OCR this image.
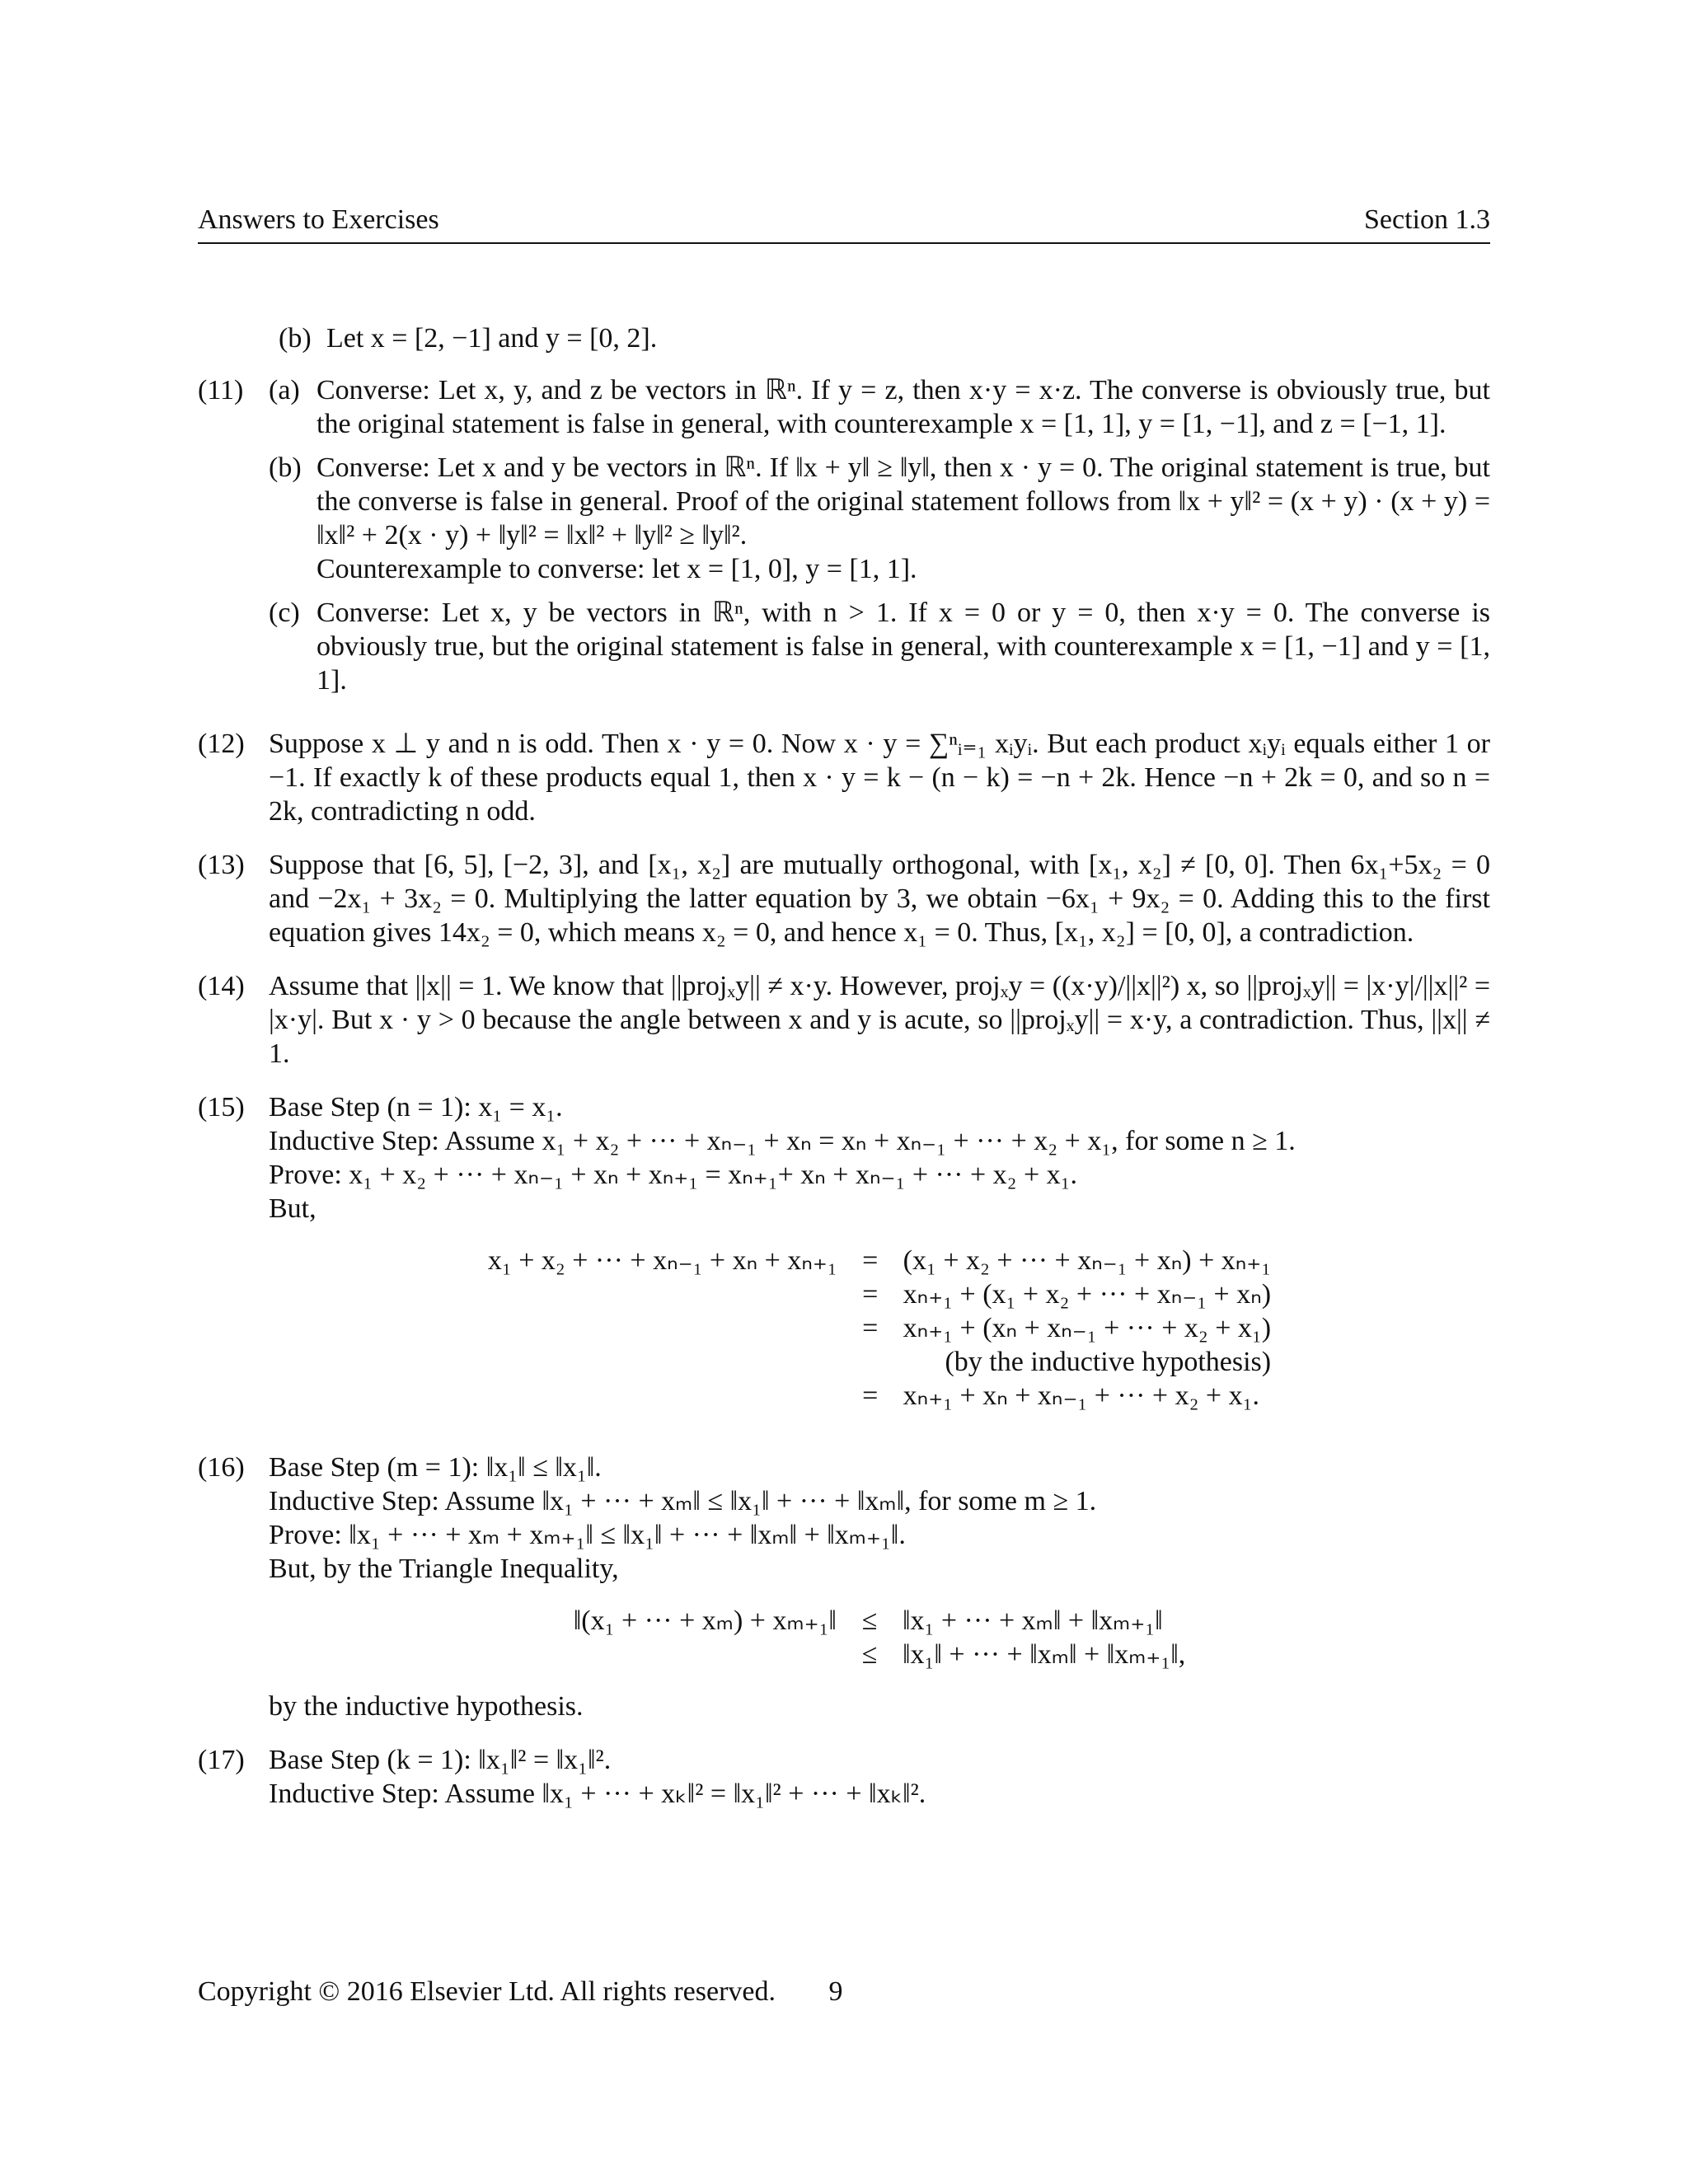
Answers to Exercises	Section 1.3
(b) Let x = [2, −1] and y = [0, 2].
(11) (a) Converse: Let x, y, and z be vectors in ℝⁿ. If y = z, then x·y = x·z. The converse is obviously true, but the original statement is false in general, with counterexample x = [1, 1], y = [1, −1], and z = [−1, 1].
(b) Converse: Let x and y be vectors in ℝⁿ. If ‖x + y‖ ≥ ‖y‖, then x · y = 0. The original statement is true, but the converse is false in general. Proof of the original statement follows from ‖x + y‖² = (x + y) · (x + y) = ‖x‖² + 2(x · y) + ‖y‖² = ‖x‖² + ‖y‖² ≥ ‖y‖².
Counterexample to converse: let x = [1, 0], y = [1, 1].
(c) Converse: Let x, y be vectors in ℝⁿ, with n > 1. If x = 0 or y = 0, then x·y = 0. The converse is obviously true, but the original statement is false in general, with counterexample x = [1, −1] and y = [1, 1].
(12) Suppose x ⊥ y and n is odd. Then x · y = 0. Now x · y = ∑ⁿᵢ₌₁ xᵢyᵢ. But each product xᵢyᵢ equals either 1 or −1. If exactly k of these products equal 1, then x · y = k − (n − k) = −n + 2k. Hence −n + 2k = 0, and so n = 2k, contradicting n odd.
(13) Suppose that [6, 5], [−2, 3], and [x₁, x₂] are mutually orthogonal, with [x₁, x₂] ≠ [0, 0]. Then 6x₁+5x₂ = 0 and −2x₁ + 3x₂ = 0. Multiplying the latter equation by 3, we obtain −6x₁ + 9x₂ = 0. Adding this to the first equation gives 14x₂ = 0, which means x₂ = 0, and hence x₁ = 0. Thus, [x₁, x₂] = [0, 0], a contradiction.
(14) Assume that ||x|| = 1. We know that ||projₓy|| ≠ x·y. However, projₓy = ((x·y)/||x||²) x, so ||projₓy|| = |x·y|/||x||² = |x·y|. But x · y > 0 because the angle between x and y is acute, so ||projₓy|| = x·y, a contradiction. Thus, ||x|| ≠ 1.
(15) Base Step (n = 1): x₁ = x₁.
Inductive Step: Assume x₁ + x₂ + ··· + xₙ₋₁ + xₙ = xₙ + xₙ₋₁ + ··· + x₂ + x₁, for some n ≥ 1.
Prove: x₁ + x₂ + ··· + xₙ₋₁ + xₙ + xₙ₊₁ = xₙ₊₁+ xₙ + xₙ₋₁ + ··· + x₂ + x₁.
But,
x₁ + x₂ + ··· + xₙ₋₁ + xₙ + xₙ₊₁ = (x₁ + x₂ + ··· + xₙ₋₁ + xₙ) + xₙ₊₁
= xₙ₊₁ + (x₁ + x₂ + ··· + xₙ₋₁ + xₙ)
= xₙ₊₁ + (xₙ + xₙ₋₁ + ··· + x₂ + x₁)
(by the inductive hypothesis)
= xₙ₊₁ + xₙ + xₙ₋₁ + ··· + x₂ + x₁.
(16) Base Step (m = 1): ‖x₁‖ ≤ ‖x₁‖.
Inductive Step: Assume ‖x₁ + ··· + xₘ‖ ≤ ‖x₁‖ + ··· + ‖xₘ‖, for some m ≥ 1.
Prove: ‖x₁ + ··· + xₘ + xₘ₊₁‖ ≤ ‖x₁‖ + ··· + ‖xₘ‖ + ‖xₘ₊₁‖.
But, by the Triangle Inequality,
‖(x₁ + ··· + xₘ) + xₘ₊₁‖ ≤ ‖x₁ + ··· + xₘ‖ + ‖xₘ₊₁‖
≤ ‖x₁‖ + ··· + ‖xₘ‖ + ‖xₘ₊₁‖,
by the inductive hypothesis.
(17) Base Step (k = 1): ‖x₁‖² = ‖x₁‖².
Inductive Step: Assume ‖x₁ + ··· + xₖ‖² = ‖x₁‖² + ··· + ‖xₖ‖².
Copyright © 2016 Elsevier Ltd. All rights reserved. 9
